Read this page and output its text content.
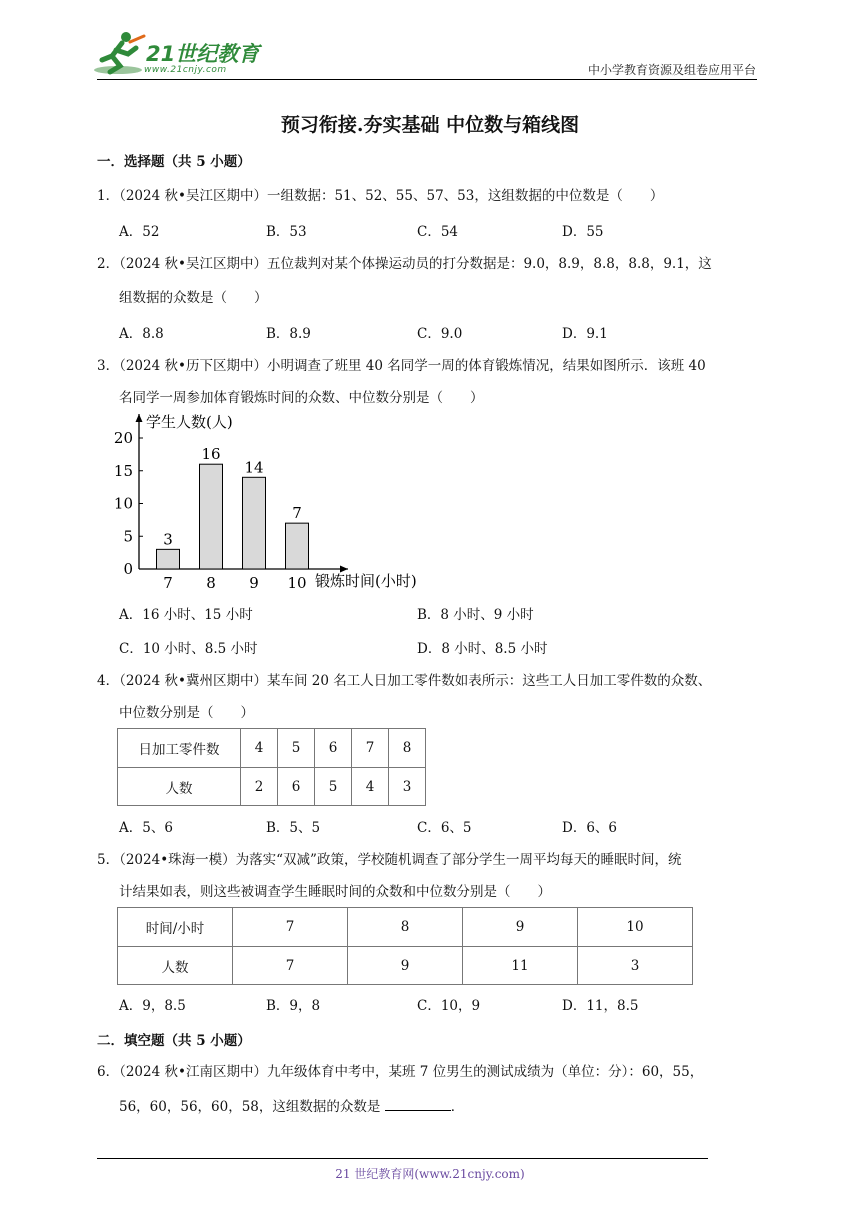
21世纪教育
www.21cnjy.com	中小学教育资源及组卷应用平台
预习衔接.夯实基础 中位数与箱线图
一．选择题（共 5 小题）
1．（2024 秋•吴江区期中）一组数据：51、52、55、57、53，这组数据的中位数是（　　）
A．52	B．53	C．54	D．55
2．（2024 秋•吴江区期中）五位裁判对某个体操运动员的打分数据是：9.0，8.9，8.8，8.8，9.1，这
组数据的众数是（　　）
A．8.8	B．8.9	C．9.0	D．9.1
3．（2024 秋•历下区期中）小明调查了班里 40 名同学一周的体育锻炼情况，结果如图所示．该班 40
名同学一周参加体育锻炼时间的众数、中位数分别是（　　）
学生人数(人)
锻炼时间(小时)
0
5
10
15
20
3
16
14
7
7 8 9 10
A．16 小时、15 小时	B．8 小时、9 小时
C．10 小时、8.5 小时	D．8 小时、8.5 小时
4．（2024 秋•冀州区期中）某车间 20 名工人日加工零件数如表所示：这些工人日加工零件数的众数、
中位数分别是（　　）
日加工零件数	4	5	6	7	8
人数	2	6	5	4	3
A．5、6	B．5、5	C．6、5	D．6、6
5．（2024•珠海一模）为落实“双减”政策，学校随机调查了部分学生一周平均每天的睡眠时间，统
计结果如表，则这些被调查学生睡眠时间的众数和中位数分别是（　　）
时间/小时	7	8	9	10
人数	7	9	11	3
A．9，8.5	B．9，8	C．10，9	D．11，8.5
二．填空题（共 5 小题）
6．（2024 秋•江南区期中）九年级体育中考中，某班 7 位男生的测试成绩为（单位：分）：60，55，
56，60，56，60，58，这组数据的众数是	．
21 世纪教育网(www.21cnjy.com)
